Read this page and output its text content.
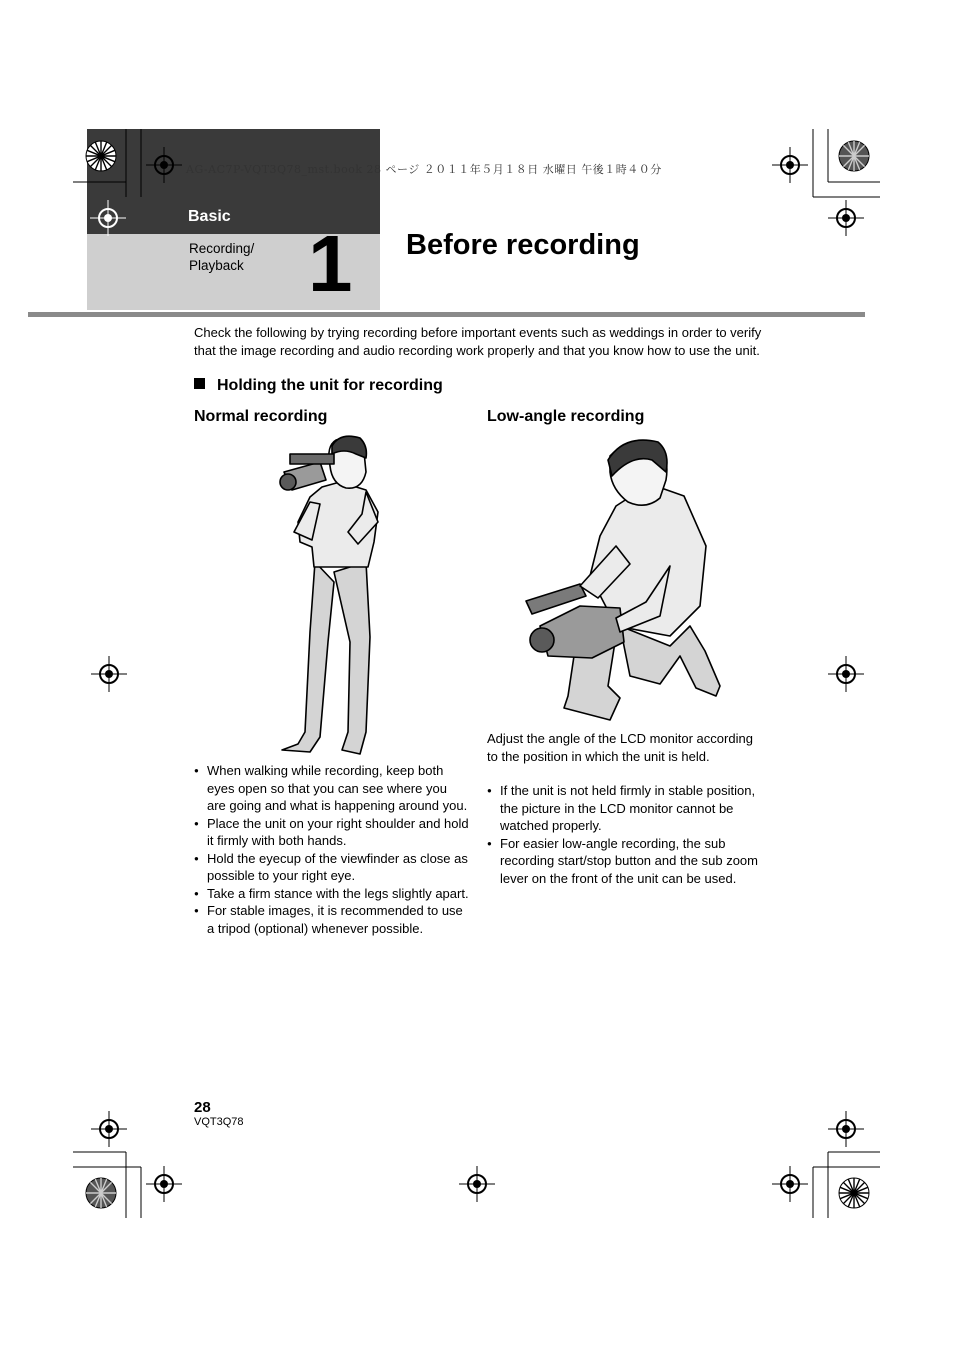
AG-AC7P-VQT3Q78_mst.book 28 ページ ２０１１年５月１８日 水曜日 午後１時４０分
Basic
Recording/
Playback 1 Before recording
Check the following by trying recording before important events such as weddings in order to verify that the image recording and audio recording work properly and that you know how to use the unit.
Holding the unit for recording
Normal recording	Low-angle recording
● When walking while recording, keep both eyes open so that you can see where you are going and what is happening around you.
● Place the unit on your right shoulder and hold it firmly with both hands.
● Hold the eyecup of the viewfinder as close as possible to your right eye.
● Take a firm stance with the legs slightly apart.
● For stable images, it is recommended to use a tripod (optional) whenever possible.
Adjust the angle of the LCD monitor according to the position in which the unit is held.
● If the unit is not held firmly in stable position, the picture in the LCD monitor cannot be watched properly.
● For easier low-angle recording, the sub recording start/stop button and the sub zoom lever on the front of the unit can be used.
28
VQT3Q78
